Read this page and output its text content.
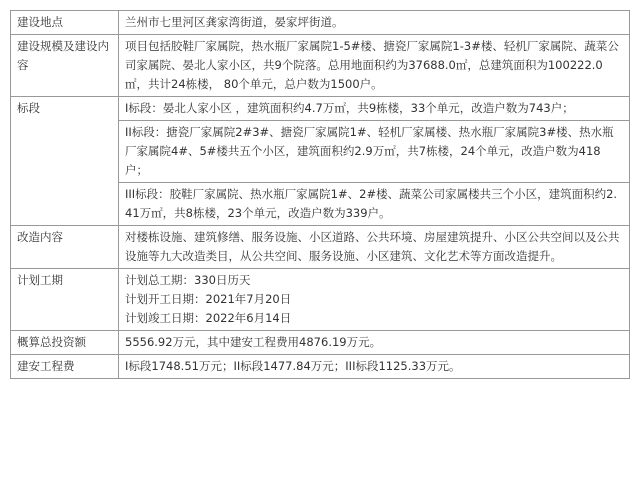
建设地点	兰州市七里河区龚家湾街道，晏家坪街道。
建设规模及建设内容	项目包括胶鞋厂家属院，热水瓶厂家属院1-5#楼、搪瓷厂家属院1-3#楼、轻机厂家属院、蔬菜公司家属院、晏北人家小区，共9个院落。总用地面积约为37688.0㎡，总建筑面积为100222.0㎡，共计24栋楼， 80个单元，总户数为1500户。
标段	I标段：晏北人家小区 ，建筑面积约4.7万㎡，共9栋楼，33个单元，改造户数为743户；
	II标段：搪瓷厂家属院2#3#、搪瓷厂家属院1#、轻机厂家属楼、热水瓶厂家属院3#楼、热水瓶厂家属院4#、5#楼共五个小区，建筑面积约2.9万㎡，共7栋楼，24个单元，改造户数为418户；
	III标段：胶鞋厂家属院、热水瓶厂家属院1#、2#楼、蔬菜公司家属楼共三个小区，建筑面积约2.41万㎡，共8栋楼，23个单元，改造户数为339户。
改造内容	对楼栋设施、建筑修缮、服务设施、小区道路、公共环境、房屋建筑提升、小区公共空间以及公共设施等九大改造类目，从公共空间、服务设施、小区建筑、文化艺术等方面改造提升。
计划工期	计划总工期：330日历天
计划开工日期：2021年7月20日
计划竣工日期：2022年6月14日

概算总投资额	5556.92万元，其中建安工程费用4876.19万元。
建安工程费	I标段1748.51万元；II标段1477.84万元；III标段1125.33万元。
